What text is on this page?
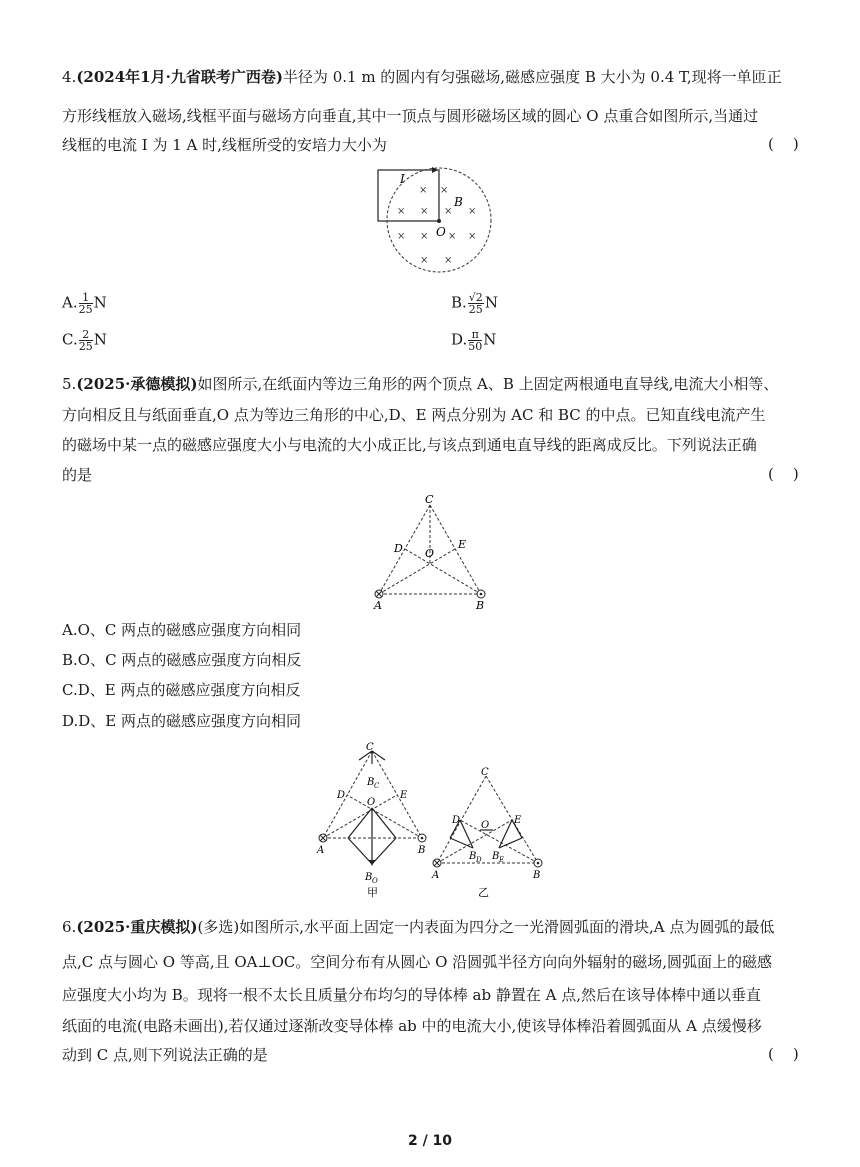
4.(2024年1月·九省联考广西卷)半径为 0.1 m 的圆内有匀强磁场,磁感应强度 B 大小为 0.4 T,现将一单匝正
方形线框放入磁场,线框平面与磁场方向垂直,其中一顶点与圆形磁场区域的圆心 O 点重合如图所示,当通过
线框的电流 I 为 1 A 时,线框所受的安培力大小为	(    )
I
B
O
× ×
× × × ×
× × × ×
× ×
A. $\frac{1}{25}$ N	B. $\frac{√2}{25}$ N
C. $\frac{2}{25}$ N	D. $\frac{\pi}{50}$ N
5.(2025·承德模拟)如图所示,在纸面内等边三角形的两个顶点 A、B 上固定两根通电直导线,电流大小相等、
方向相反且与纸面垂直,O 点为等边三角形的中心,D、E 两点分别为 AC 和 BC 的中点。已知直线电流产生
的磁场中某一点的磁感应强度大小与电流的大小成正比,与该点到通电直导线的距离成反比。下列说法正确
的是	(    )
C
D	E
O
A	B
A.O、C 两点的磁感应强度方向相同
B.O、C 两点的磁感应强度方向相反
C.D、E 两点的磁感应强度方向相反
D.D、E 两点的磁感应强度方向相同
C
B C
D	E
O
A	B
B O
甲
C
D	E
O
A	B
B D B E
乙
6.(2025·重庆模拟)(多选)如图所示,水平面上固定一内表面为四分之一光滑圆弧面的滑块,A 点为圆弧的最低
点,C 点与圆心 O 等高,且 OA⊥OC。空间分布有从圆心 O 沿圆弧半径方向向外辐射的磁场,圆弧面上的磁感
应强度大小均为 B。现将一根不太长且质量分布均匀的导体棒 ab 静置在 A 点,然后在该导体棒中通以垂直
纸面的电流(电路未画出),若仅通过逐渐改变导体棒 ab 中的电流大小,使该导体棒沿着圆弧面从 A 点缓慢移
动到 C 点,则下列说法正确的是	(    )
2 / 10
